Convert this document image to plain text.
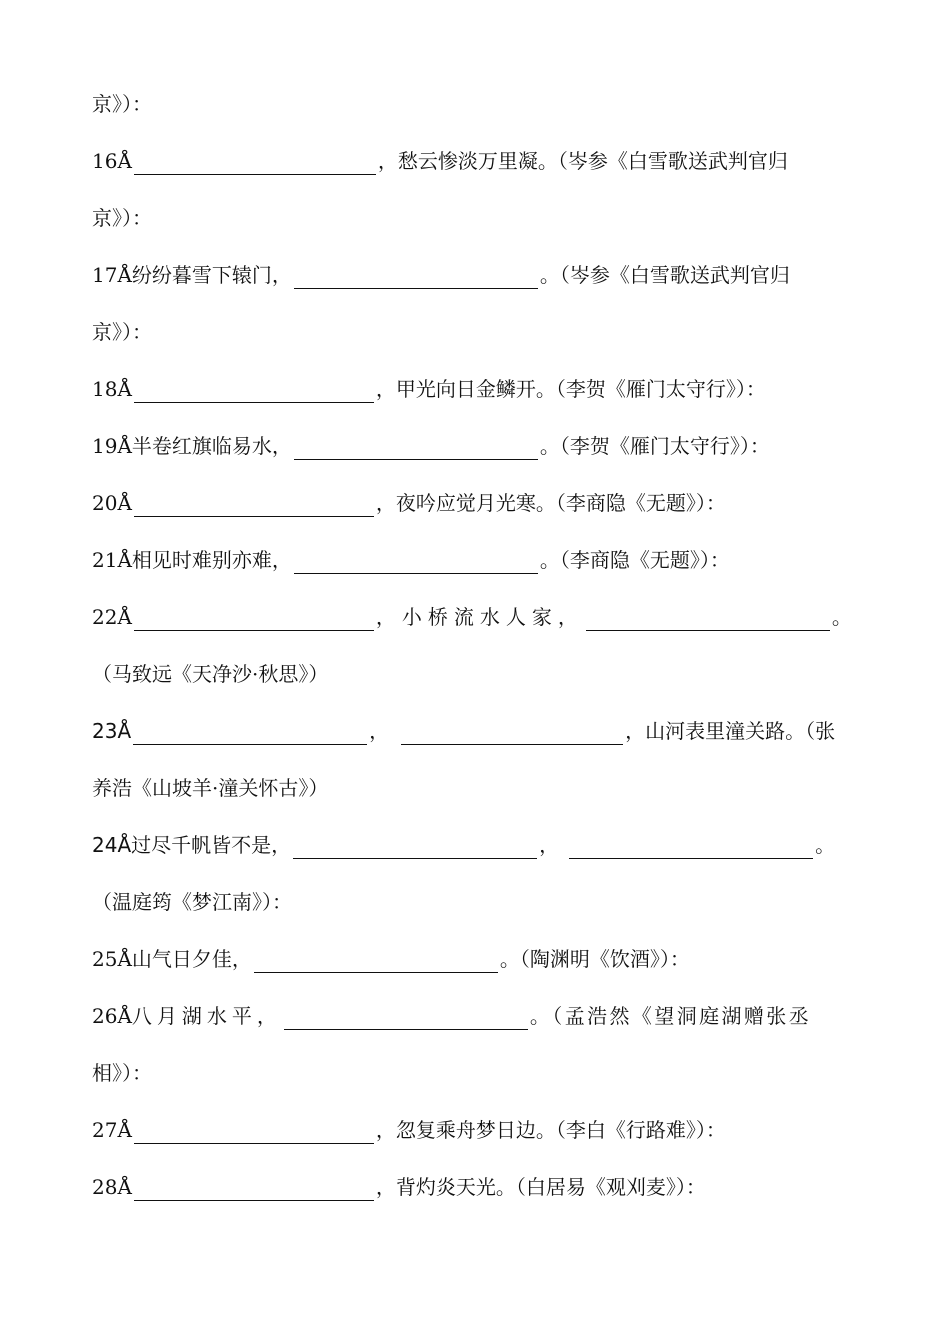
京》）：
16Å	，愁云惨淡万里凝。（岑参《白雪歌送武判官归
京》）：
17Å 纷纷暮雪下辕门，	。（岑参《白雪歌送武判官归
京》）：
18Å	，甲光向日金鳞开。（李贺《雁门太守行》）：
19Å 半卷红旗临易水，	。（李贺《雁门太守行》）：
20Å	，夜吟应觉月光寒。（李商隐《无题》）：
21Å 相见时难别亦难，	。（李商隐《无题》）：
22Å	，小桥流水人家，	。
（马致远《天净沙·秋思》）
23Å	，	，山河表里潼关路。（张
养浩《山坡羊·潼关怀古》）
24Å 过尽千帆皆不是，	，	。
（温庭筠《梦江南》）：
25Å 山气日夕佳，	。（陶渊明《饮酒》）：
26Å 八月湖水平，	。（孟浩然《望洞庭湖赠张丞
相》）：
27Å	，忽复乘舟梦日边。（李白《行路难》）：
28Å	，背灼炎天光。（白居易《观刈麦》）：
